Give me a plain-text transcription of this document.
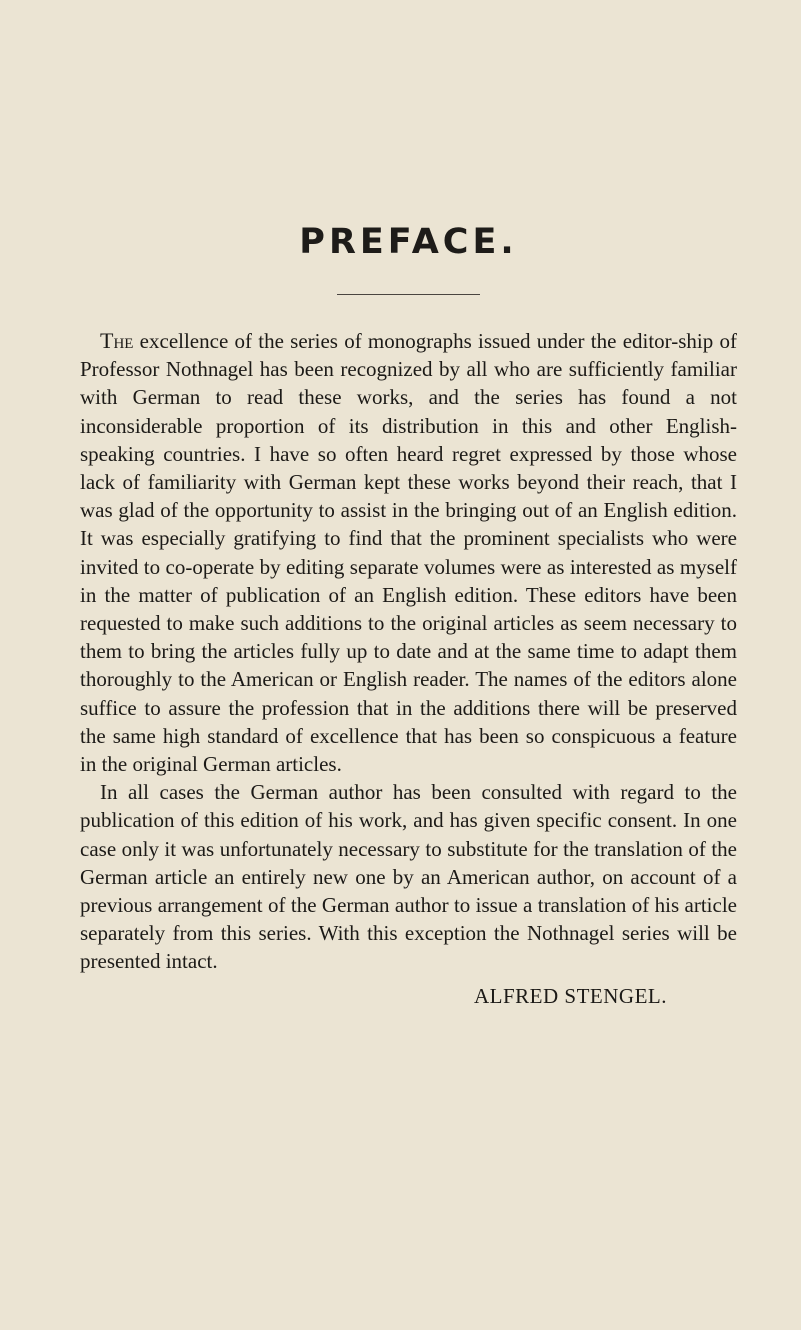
PREFACE.

The excellence of the series of monographs issued under the editor-ship of Professor Nothnagel has been recognized by all who are sufficiently familiar with German to read these works, and the series has found a not inconsiderable proportion of its distribution in this and other English-speaking countries. I have so often heard regret expressed by those whose lack of familiarity with German kept these works beyond their reach, that I was glad of the opportunity to assist in the bringing out of an English edition. It was especially gratifying to find that the prominent specialists who were invited to co-operate by editing separate volumes were as interested as myself in the matter of publication of an English edition. These editors have been requested to make such additions to the original articles as seem necessary to them to bring the articles fully up to date and at the same time to adapt them thoroughly to the American or English reader. The names of the editors alone suffice to assure the profession that in the additions there will be preserved the same high standard of excellence that has been so conspicuous a feature in the original German articles.

In all cases the German author has been consulted with regard to the publication of this edition of his work, and has given specific consent. In one case only it was unfortunately necessary to substitute for the translation of the German article an entirely new one by an American author, on account of a previous arrangement of the German author to issue a translation of his article separately from this series. With this exception the Nothnagel series will be presented intact.

ALFRED STENGEL.
